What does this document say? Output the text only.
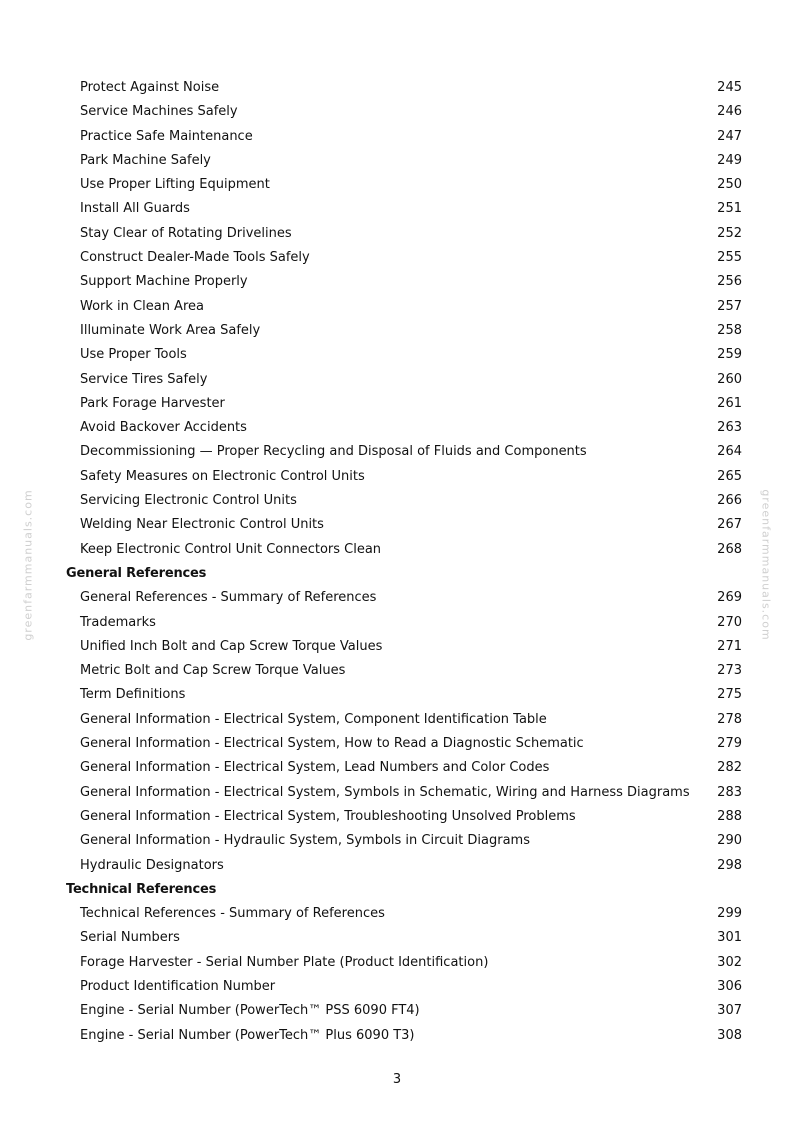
greenfarmmanuals.com	greenfarmmanuals.com
Protect Against Noise	245
Service Machines Safely	246
Practice Safe Maintenance	247
Park Machine Safely	249
Use Proper Lifting Equipment	250
Install All Guards	251
Stay Clear of Rotating Drivelines	252
Construct Dealer-Made Tools Safely	255
Support Machine Properly	256
Work in Clean Area	257
Illuminate Work Area Safely	258
Use Proper Tools	259
Service Tires Safely	260
Park Forage Harvester	261
Avoid Backover Accidents	263
Decommissioning — Proper Recycling and Disposal of Fluids and Components	264
Safety Measures on Electronic Control Units	265
Servicing Electronic Control Units	266
Welding Near Electronic Control Units	267
Keep Electronic Control Unit Connectors Clean	268
General References
General References - Summary of References	269
Trademarks	270
Unified Inch Bolt and Cap Screw Torque Values	271
Metric Bolt and Cap Screw Torque Values	273
Term Definitions	275
General Information - Electrical System, Component Identification Table	278
General Information - Electrical System, How to Read a Diagnostic Schematic	279
General Information - Electrical System, Lead Numbers and Color Codes	282
General Information - Electrical System, Symbols in Schematic, Wiring and Harness Diagrams 283
General Information - Electrical System, Troubleshooting Unsolved Problems	288
General Information - Hydraulic System, Symbols in Circuit Diagrams	290
Hydraulic Designators	298
Technical References
Technical References - Summary of References	299
Serial Numbers	301
Forage Harvester - Serial Number Plate (Product Identification)	302
Product Identification Number	306
Engine - Serial Number (PowerTech™ PSS 6090 FT4)	307
Engine - Serial Number (PowerTech™ Plus 6090 T3)	308
3
